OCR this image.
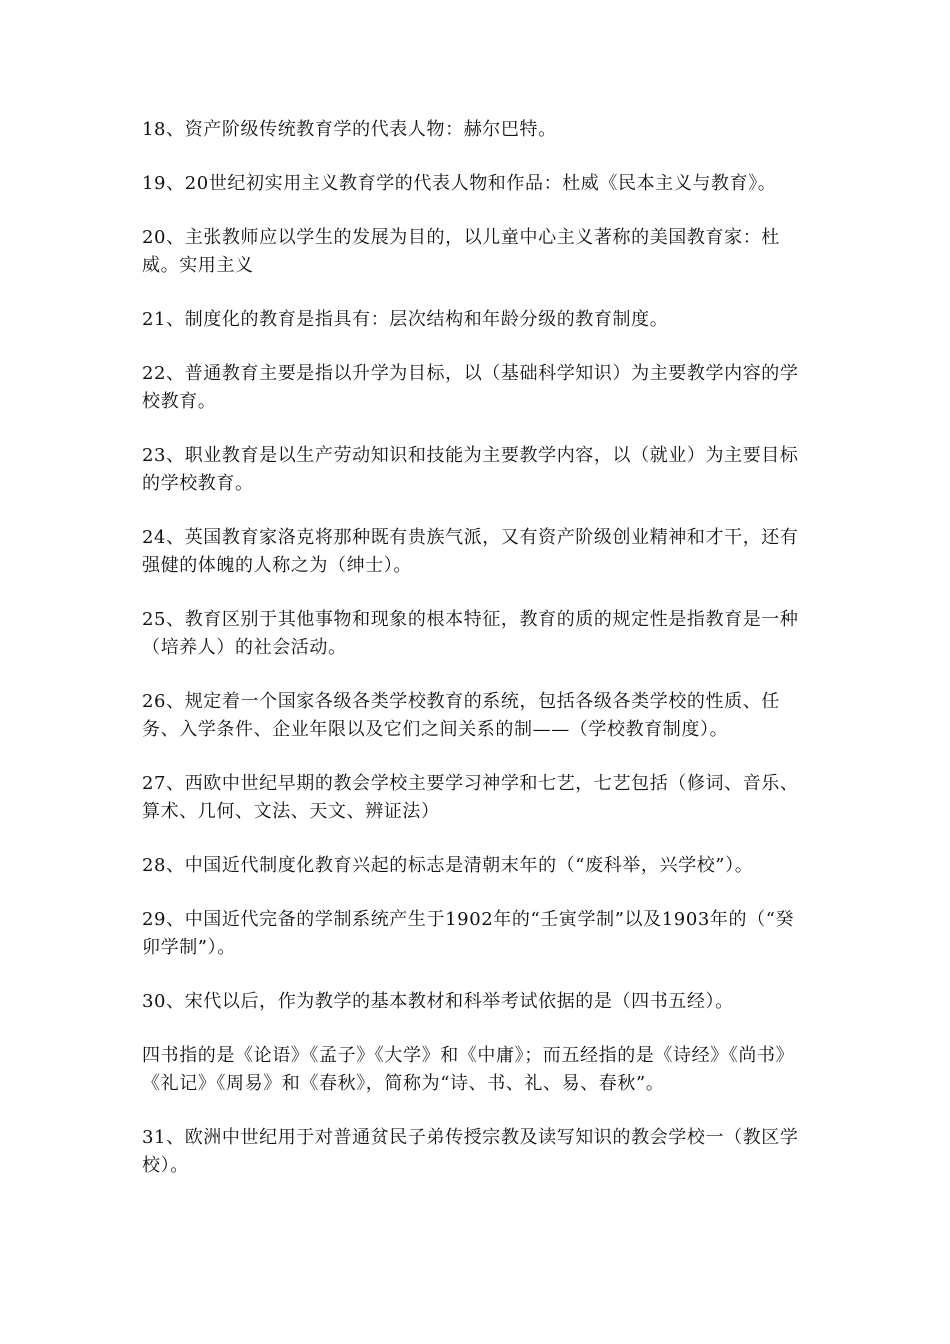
18、资产阶级传统教育学的代表人物：赫尔巴特。

19、20世纪初实用主义教育学的代表人物和作品：杜威《民本主义与教育》。

20、主张教师应以学生的发展为目的，以儿童中心主义著称的美国教育家：杜威。实用主义

21、制度化的教育是指具有：层次结构和年龄分级的教育制度。

22、普通教育主要是指以升学为目标，以（基础科学知识）为主要教学内容的学校教育。

23、职业教育是以生产劳动知识和技能为主要教学内容，以（就业）为主要目标的学校教育。

24、英国教育家洛克将那种既有贵族气派，又有资产阶级创业精神和才干，还有强健的体魄的人称之为（绅士）。

25、教育区别于其他事物和现象的根本特征，教育的质的规定性是指教育是一种（培养人）的社会活动。

26、规定着一个国家各级各类学校教育的系统，包括各级各类学校的性质、任务、入学条件、企业年限以及它们之间关系的制——（学校教育制度）。

27、西欧中世纪早期的教会学校主要学习神学和七艺，七艺包括（修词、音乐、算术、几何、文法、天文、辨证法）

28、中国近代制度化教育兴起的标志是清朝末年的（“废科举，兴学校”）。

29、中国近代完备的学制系统产生于1902年的“壬寅学制”以及1903年的（“癸卯学制”）。

30、宋代以后，作为教学的基本教材和科举考试依据的是（四书五经）。

四书指的是《论语》《孟子》《大学》和《中庸》；而五经指的是《诗经》《尚书》《礼记》《周易》和《春秋》，简称为“诗、书、礼、易、春秋”。

31、欧洲中世纪用于对普通贫民子弟传授宗教及读写知识的教会学校一（教区学校）。
